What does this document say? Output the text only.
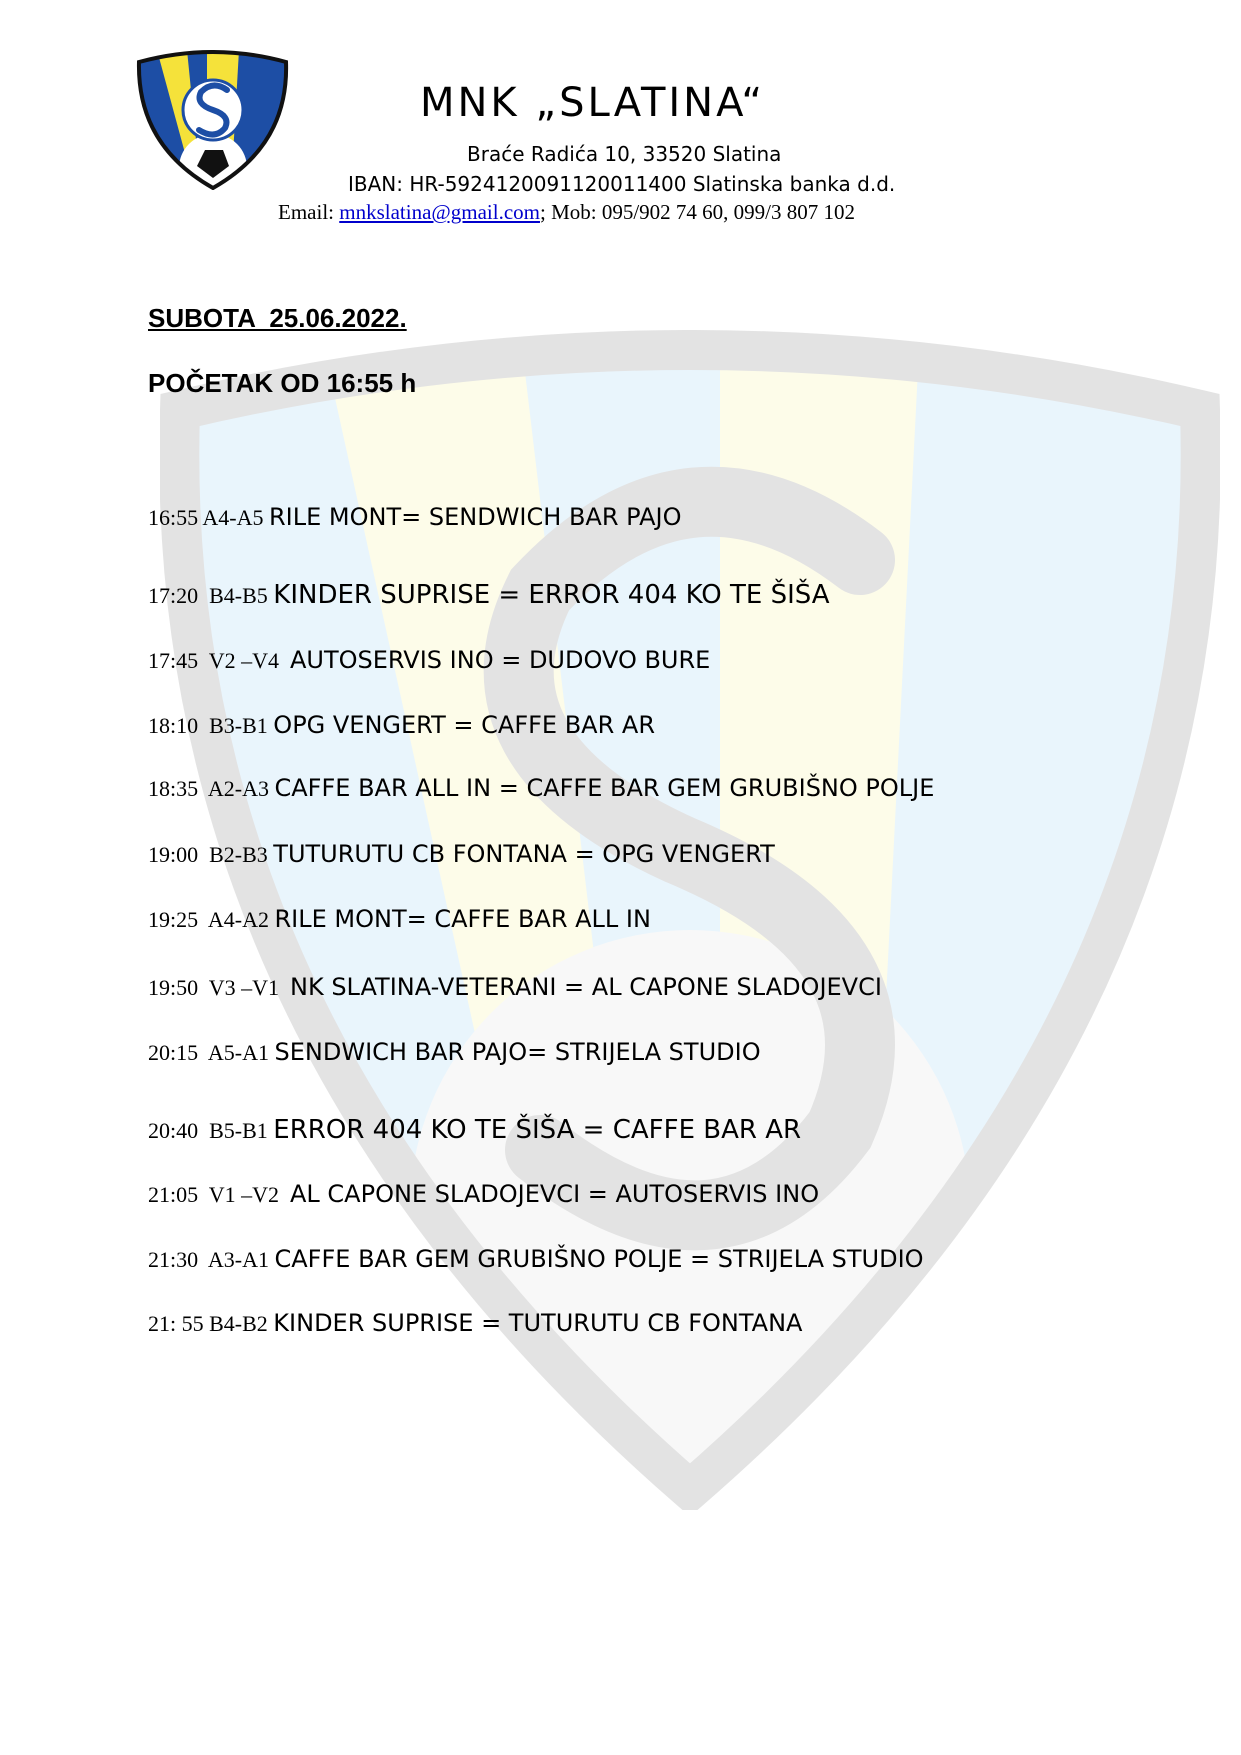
MNK „SLATINA“
Braće Radića 10, 33520 Slatina
IBAN: HR-5924120091120011400 Slatinska banka d.d.
Email: mnkslatina@gmail.com; Mob: 095/902 74 60, 099/3 807 102
SUBOTA  25.06.2022.
POČETAK OD 16:55 h
16:55 A4-A5 RILE MONT= SENDWICH BAR PAJO
17:20  B4-B5 KINDER SUPRISE = ERROR 404 KO TE ŠIŠA
17:45  V2 –V4  AUTOSERVIS INO = DUDOVO BURE
18:10  B3-B1 OPG VENGERT = CAFFE BAR AR
18:35  A2-A3 CAFFE BAR ALL IN = CAFFE BAR GEM GRUBIŠNO POLJE
19:00  B2-B3 TUTURUTU CB FONTANA = OPG VENGERT
19:25  A4-A2 RILE MONT= CAFFE BAR ALL IN
19:50  V3 –V1  NK SLATINA-VETERANI = AL CAPONE SLADOJEVCI
20:15  A5-A1 SENDWICH BAR PAJO= STRIJELA STUDIO
20:40  B5-B1 ERROR 404 KO TE ŠIŠA = CAFFE BAR AR
21:05  V1 –V2  AL CAPONE SLADOJEVCI = AUTOSERVIS INO
21:30  A3-A1 CAFFE BAR GEM GRUBIŠNO POLJE = STRIJELA STUDIO
21: 55 B4-B2 KINDER SUPRISE = TUTURUTU CB FONTANA
